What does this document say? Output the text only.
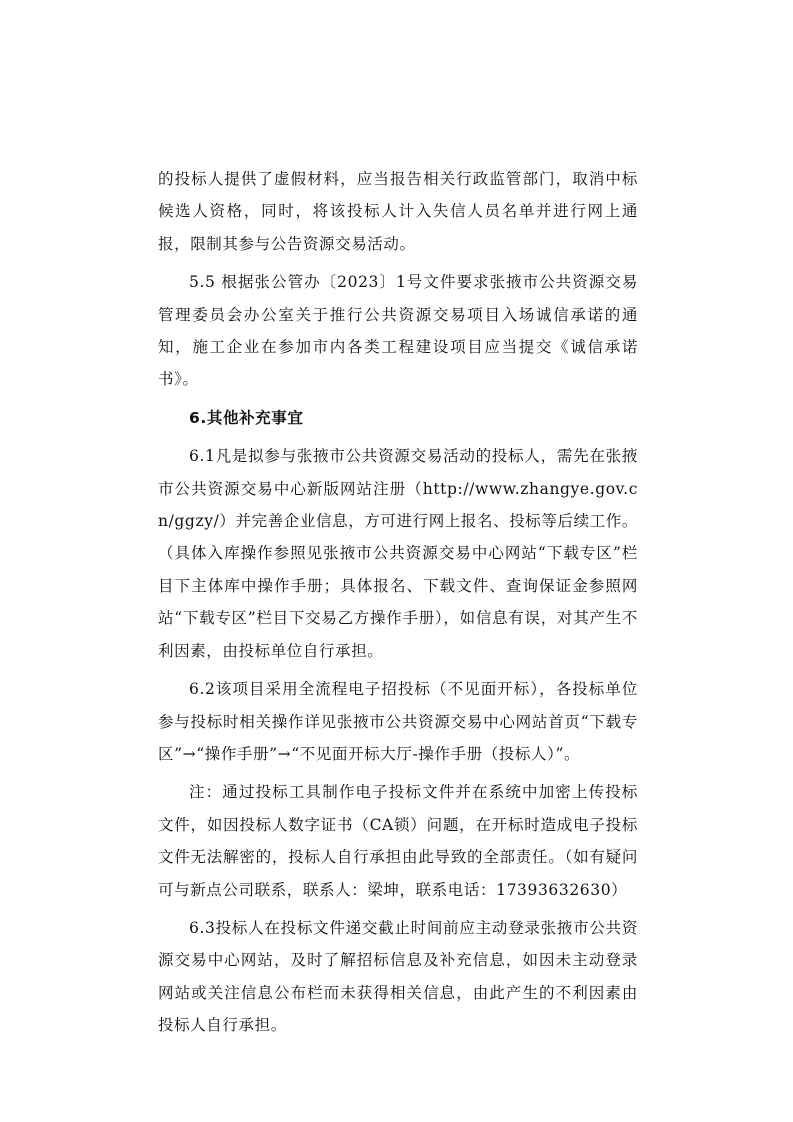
的投标人提供了虚假材料，应当报告相关行政监管部门，取消中标候选人资格，同时，将该投标人计入失信人员名单并进行网上通报，限制其参与公告资源交易活动。

5.5 根据张公管办〔2023〕1号文件要求张掖市公共资源交易管理委员会办公室关于推行公共资源交易项目入场诚信承诺的通知，施工企业在参加市内各类工程建设项目应当提交《诚信承诺书》。

6.其他补充事宜

6.1凡是拟参与张掖市公共资源交易活动的投标人，需先在张掖市公共资源交易中心新版网站注册（http://www.zhangye.gov.cn/ggzy/）并完善企业信息，方可进行网上报名、投标等后续工作。（具体入库操作参照见张掖市公共资源交易中心网站“下载专区”栏目下主体库中操作手册；具体报名、下载文件、查询保证金参照网站“下载专区”栏目下交易乙方操作手册），如信息有误，对其产生不利因素，由投标单位自行承担。

6.2该项目采用全流程电子招投标（不见面开标），各投标单位参与投标时相关操作详见张掖市公共资源交易中心网站首页“下载专区”→“操作手册”→“不见面开标大厅-操作手册（投标人）”。

注：通过投标工具制作电子投标文件并在系统中加密上传投标文件，如因投标人数字证书（CA锁）问题，在开标时造成电子投标文件无法解密的，投标人自行承担由此导致的全部责任。（如有疑问可与新点公司联系，联系人：梁坤，联系电话：17393632630）

6.3投标人在投标文件递交截止时间前应主动登录张掖市公共资源交易中心网站，及时了解招标信息及补充信息，如因未主动登录网站或关注信息公布栏而未获得相关信息，由此产生的不利因素由投标人自行承担。
